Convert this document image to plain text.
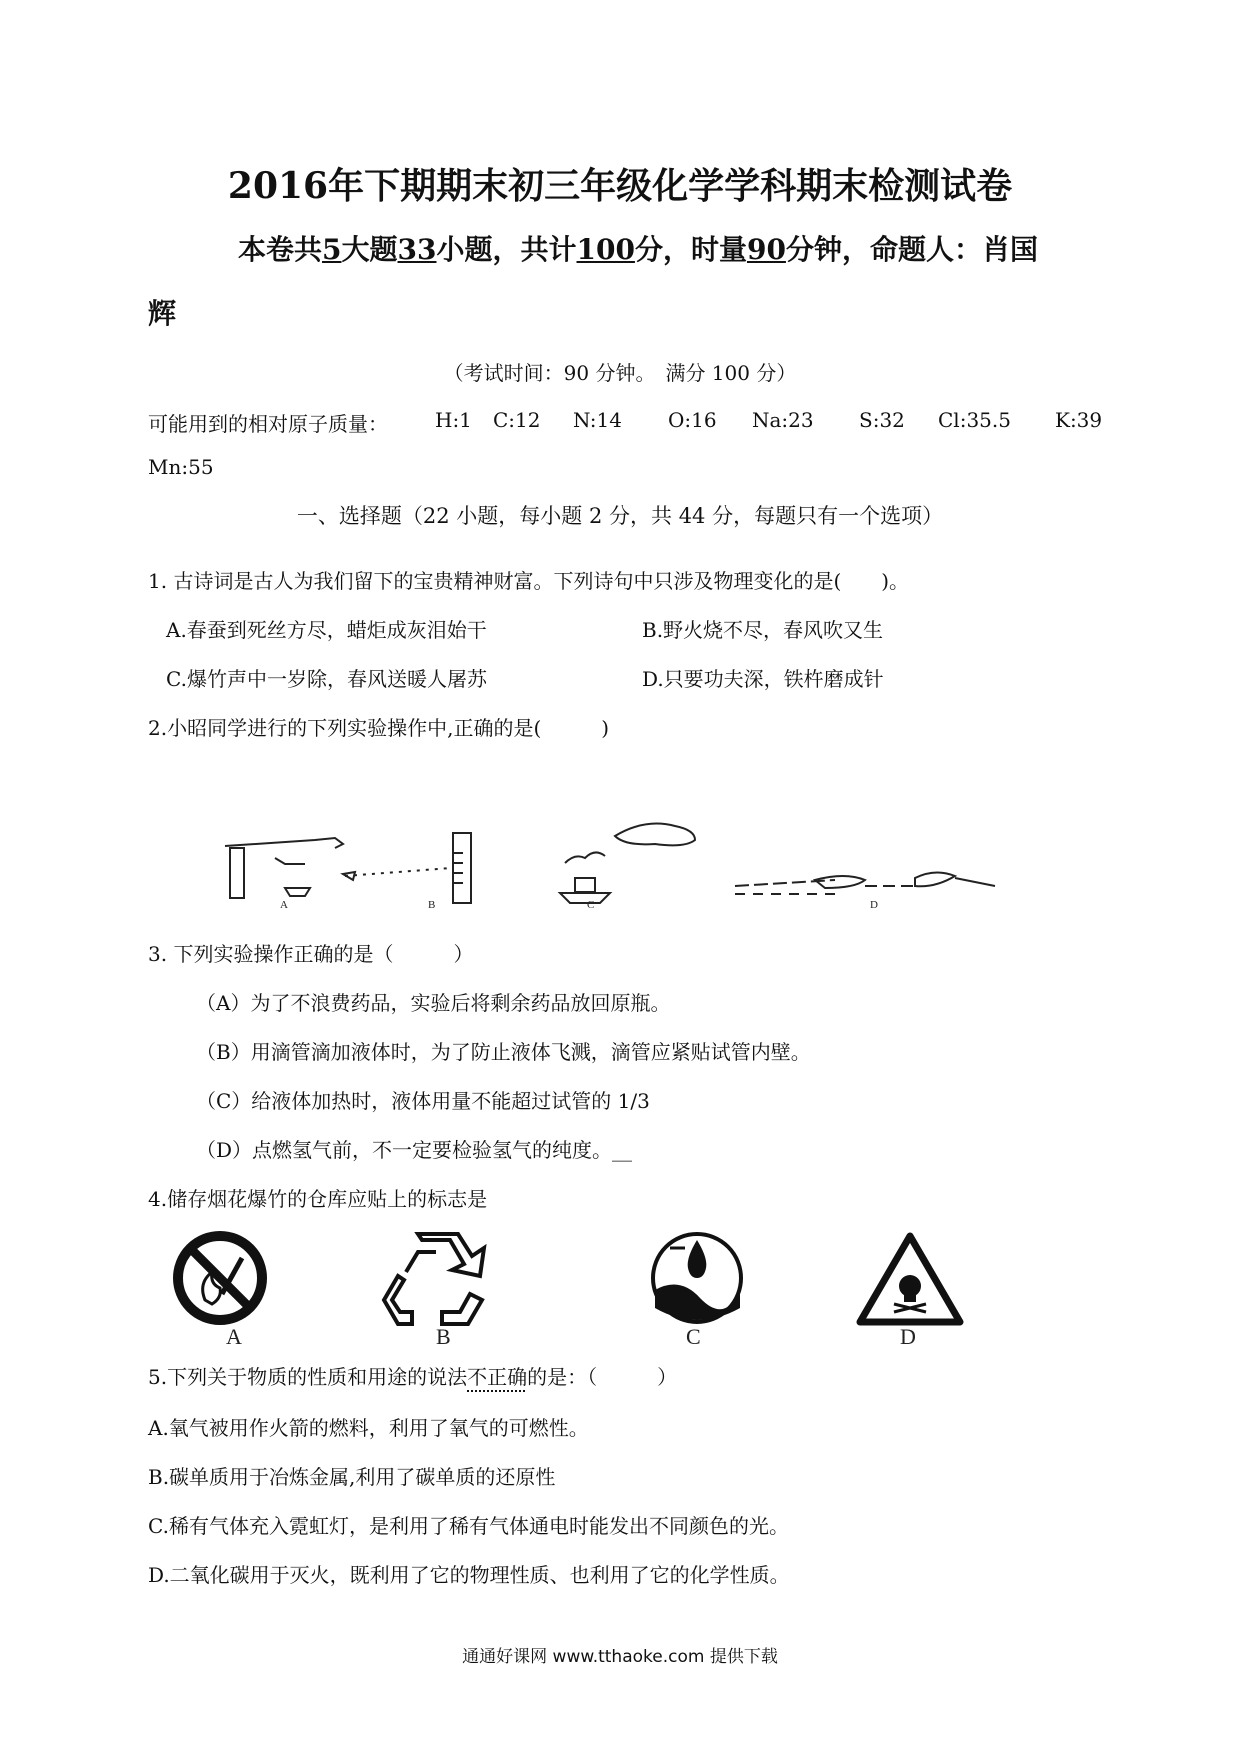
2016年下期期末初三年级化学学科期末检测试卷
本卷共5大题33小题，共计100分，时量90分钟，命题人：肖国
辉
（考试时间：90 分钟。　满分 100 分）
可能用到的相对原子质量： H:1 C:12 N:14 O:16 Na:23 S:32 Cl:35.5 K:39
Mn:55
一、选择题（22 小题，每小题 2 分，共 44 分，每题只有一个选项）
1. 古诗词是古人为我们留下的宝贵精神财富。下列诗句中只涉及物理变化的是(　　)。
A.春蚕到死丝方尽，蜡炬成灰泪始干	B.野火烧不尽，春风吹又生
C.爆竹声中一岁除，春风送暖人屠苏	D.只要功夫深，铁杵磨成针
2.小昭同学进行的下列实验操作中,正确的是(　　　)
A	B	C	D
3. 下列实验操作正确的是（　　　）
（A）为了不浪费药品，实验后将剩余药品放回原瓶。
（B）用滴管滴加液体时，为了防止液体飞溅，滴管应紧贴试管内壁。
（C）给液体加热时，液体用量不能超过试管的 1/3
（D）点燃氢气前，不一定要检验氢气的纯度。__
4.储存烟花爆竹的仓库应贴上的标志是
A	B	C	D
5.下列关于物质的性质和用途的说法不正确的是：（　　　）
A.氧气被用作火箭的燃料，利用了氧气的可燃性。
B.碳单质用于冶炼金属,利用了碳单质的还原性
C.稀有气体充入霓虹灯，是利用了稀有气体通电时能发出不同颜色的光。
D.二氧化碳用于灭火，既利用了它的物理性质、也利用了它的化学性质。
通通好课网 www.tthaoke.com 提供下载
